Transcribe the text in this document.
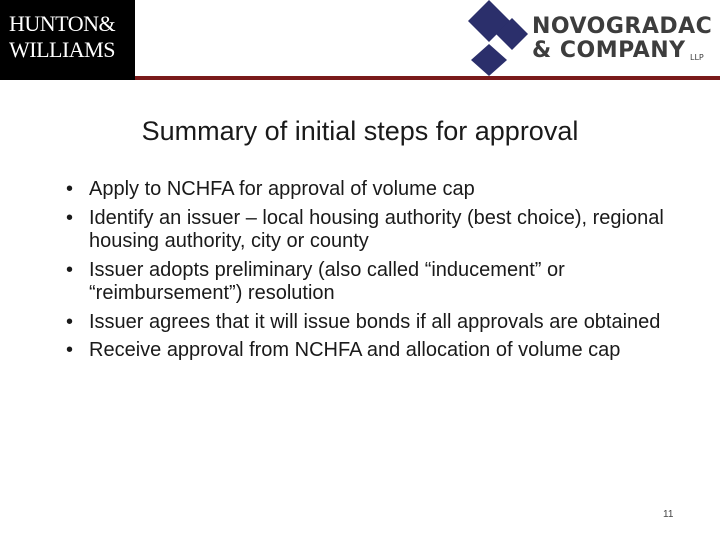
HUNTON&
WILLIAMS
NOVOGRADAC
& COMPANY LLP
Summary of initial steps for approval
• Apply to NCHFA for approval of volume cap
• Identify an issuer – local housing authority (best choice), regional housing authority, city or county
• Issuer adopts preliminary (also called “inducement” or “reimbursement”) resolution
• Issuer agrees that it will issue bonds if all approvals are obtained
• Receive approval from NCHFA and allocation of volume cap
11
